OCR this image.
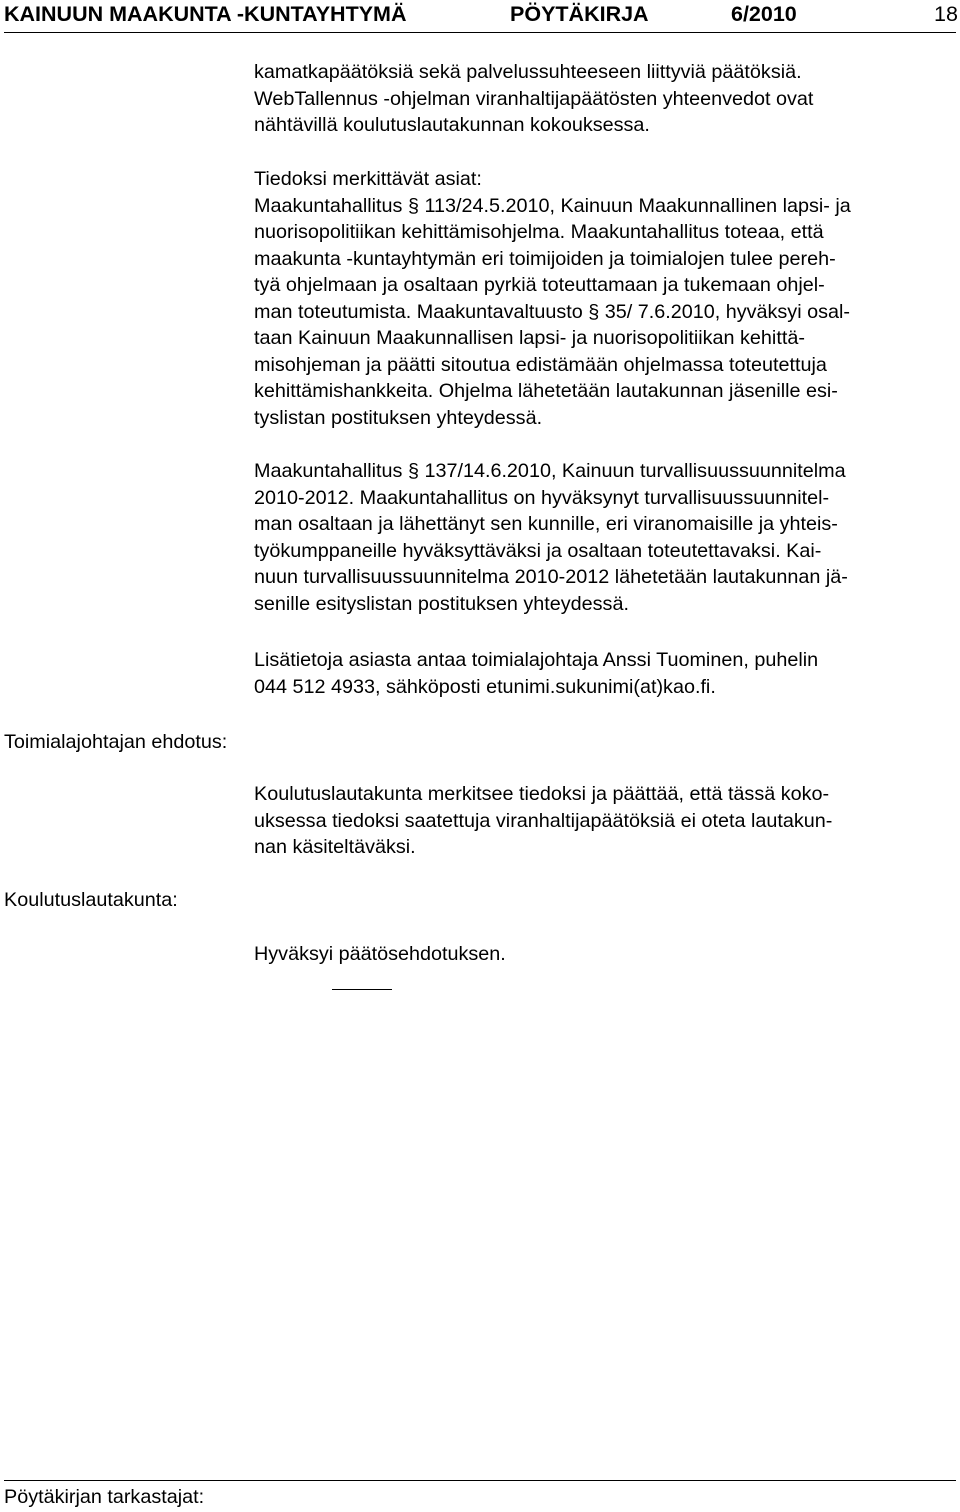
KAINUUN MAAKUNTA -KUNTAYHTYMÄ	PÖYTÄKIRJA	6/2010	18
kamatkapäätöksiä sekä palvelussuhteeseen liittyviä päätöksiä.
WebTallennus -ohjelman viranhaltijapäätösten yhteenvedot ovat
nähtävillä koulutuslautakunnan kokouksessa.
Tiedoksi merkittävät asiat:
Maakuntahallitus § 113/24.5.2010, Kainuun Maakunnallinen lapsi- ja
nuorisopolitiikan kehittämisohjelma. Maakuntahallitus toteaa, että
maakunta -kuntayhtymän eri toimijoiden ja toimialojen tulee pereh-
tyä ohjelmaan ja osaltaan pyrkiä toteuttamaan ja tukemaan ohjel-
man toteutumista. Maakuntavaltuusto § 35/ 7.6.2010, hyväksyi osal-
taan Kainuun Maakunnallisen lapsi- ja nuorisopolitiikan kehittä-
misohjeman ja päätti sitoutua edistämään ohjelmassa toteutettuja
kehittämishankkeita. Ohjelma lähetetään lautakunnan jäsenille esi-
tyslistan postituksen yhteydessä.
Maakuntahallitus § 137/14.6.2010, Kainuun turvallisuussuunnitelma
2010-2012. Maakuntahallitus on hyväksynyt turvallisuussuunnitel-
man osaltaan ja lähettänyt sen kunnille, eri viranomaisille ja yhteis-
työkumppaneille hyväksyttäväksi ja osaltaan toteutettavaksi. Kai-
nuun turvallisuussuunnitelma 2010-2012 lähetetään lautakunnan jä-
senille esityslistan postituksen yhteydessä.
Lisätietoja asiasta antaa toimialajohtaja Anssi Tuominen, puhelin
044 512 4933, sähköposti etunimi.sukunimi(at)kao.fi.
Toimialajohtajan ehdotus:
Koulutuslautakunta merkitsee tiedoksi ja päättää, että tässä koko-
uksessa tiedoksi saatettuja viranhaltijapäätöksiä ei oteta lautakun-
nan käsiteltäväksi.
Koulutuslautakunta:
Hyväksyi päätösehdotuksen.
Pöytäkirjan tarkastajat:
